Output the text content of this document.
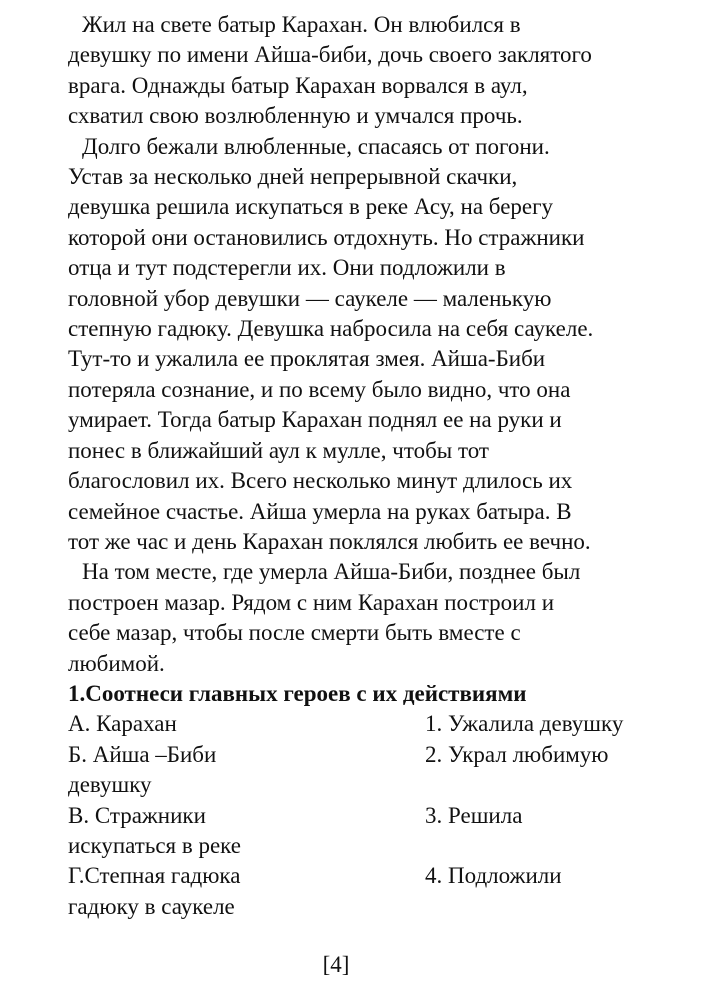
Жил на свете батыр Карахан. Он влюбился в
девушку по имени Айша-биби, дочь своего заклятого
врага. Однажды батыр Карахан ворвался в аул,
схватил свою возлюбленную и умчался прочь.

Долго бежали влюбленные, спасаясь от погони.
Устав за несколько дней непрерывной скачки,
девушка решила искупаться в реке Асу, на берегу
которой они остановились отдохнуть. Но стражники
отца и тут подстерегли их. Они подложили в
головной убор девушки — саукеле — маленькую
степную гадюку. Девушка набросила на себя саукеле.
Тут-то и ужалила ее проклятая змея. Айша-Биби
потеряла сознание, и по всему было видно, что она
умирает. Тогда батыр Карахан поднял ее на руки и
понес в ближайший аул к мулле, чтобы тот
благословил их. Всего несколько минут длилось их
семейное счастье. Айша умерла на руках батыра. В
тот же час и день Карахан поклялся любить ее вечно.

На том месте, где умерла Айша-Биби, позднее был
построен мазар. Рядом с ним Карахан построил и
себе мазар, чтобы после смерти быть вместе с
любимой.

1.Соотнеси главных героев с их действиями

А. Карахан	1. Ужалила девушку
Б. Айша –Биби
девушку
2. Украл любимую
В. Стражники
искупаться в реке
3. Решила
Г.Степная гадюка
гадюку в саукеле
4. Подложили
[4]
